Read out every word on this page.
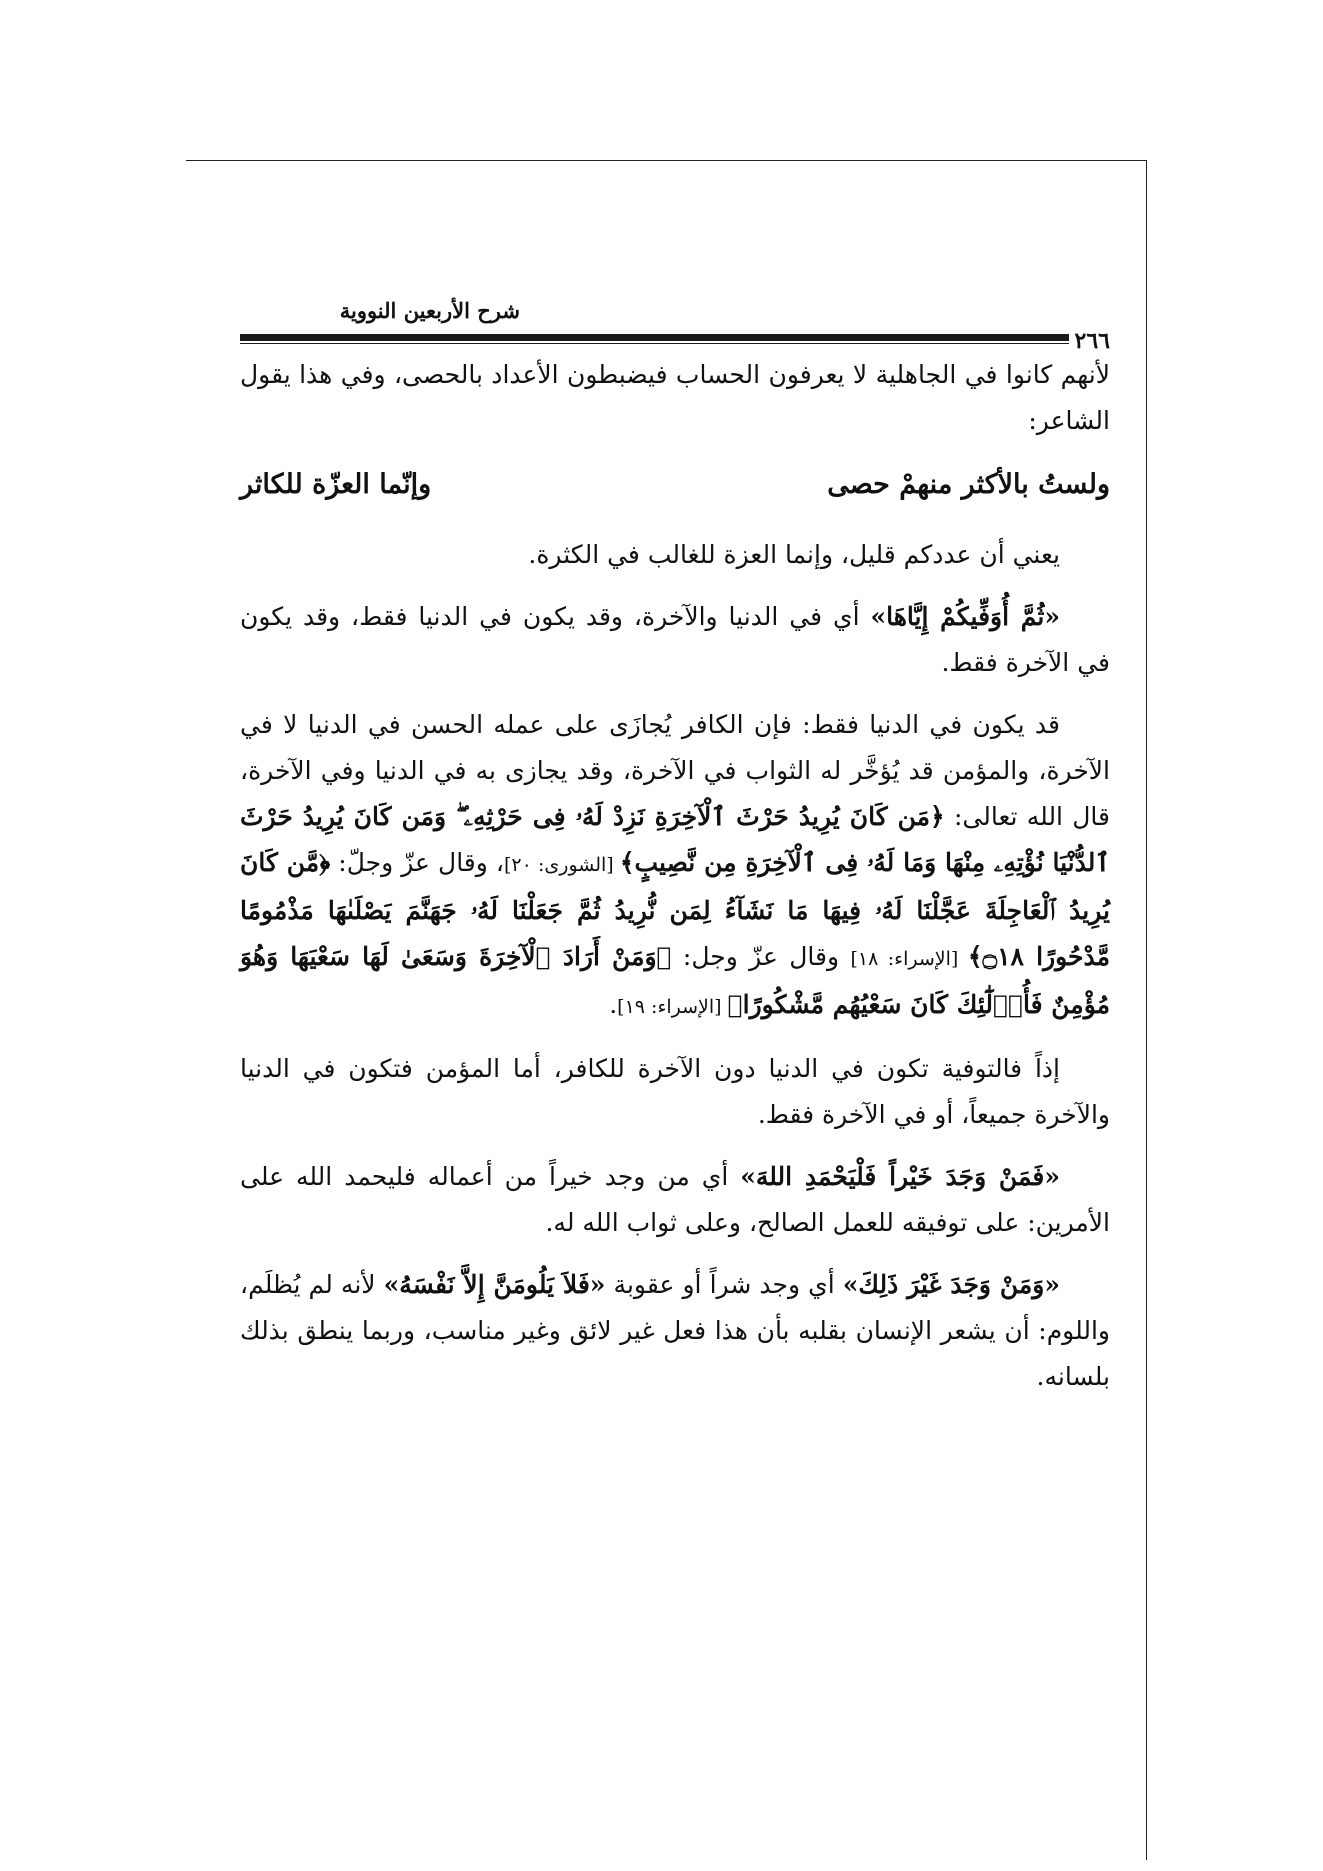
شرح الأربعين النووية
٢٦٦

لأنهم كانوا في الجاهلية لا يعرفون الحساب فيضبطون الأعداد بالحصى، وفي هذا يقول الشاعر:

ولستُ بالأكثر منهمْ حصى
وإنّما العزّة للكاثر

يعني أن عددكم قليل، وإنما العزة للغالب في الكثرة.

«ثُمَّ أُوَفِّيكُمْ إِيَّاهَا» أي في الدنيا والآخرة، وقد يكون في الدنيا فقط، وقد يكون في الآخرة فقط.

قد يكون في الدنيا فقط: فإن الكافر يُجازَى على عمله الحسن في الدنيا لا في الآخرة، والمؤمن قد يُؤخَّر له الثواب في الآخرة، وقد يجازى به في الدنيا وفي الآخرة، قال الله تعالى: ﴿مَن كَانَ يُرِيدُ حَرْثَ ٱلْآخِرَةِ نَزِدْ لَهُۥ فِى حَرْثِهِۦ ۖ وَمَن كَانَ يُرِيدُ حَرْثَ ٱلدُّنْيَا نُؤْتِهِۦ مِنْهَا وَمَا لَهُۥ فِى ٱلْآخِرَةِ مِن نَّصِيبٍ﴾ [الشورى: ٢٠]، وقال عزّ وجلّ: ﴿مَّن كَانَ يُرِيدُ ٱلْعَاجِلَةَ عَجَّلْنَا لَهُۥ فِيهَا مَا نَشَآءُ لِمَن نُّرِيدُ ثُمَّ جَعَلْنَا لَهُۥ جَهَنَّمَ يَصْلَىٰهَا مَذْمُومًا مَّدْحُورًا ۝١٨﴾ [الإسراء: ١٨] وقال عزّ وجل: ﴿وَمَنْ أَرَادَ ٱلْآخِرَةَ وَسَعَىٰ لَهَا سَعْيَهَا وَهُوَ مُؤْمِنٌ فَأُو۟لَٰٓئِكَ كَانَ سَعْيُهُم مَّشْكُورًا﴾ [الإسراء: ١٩].

إذاً فالتوفية تكون في الدنيا دون الآخرة للكافر، أما المؤمن فتكون في الدنيا والآخرة جميعاً، أو في الآخرة فقط.

«فَمَنْ وَجَدَ خَيْراً فَلْيَحْمَدِ اللهَ» أي من وجد خيراً من أعماله فليحمد الله على الأمرين: على توفيقه للعمل الصالح، وعلى ثواب الله له.

«وَمَنْ وَجَدَ غَيْرَ ذَلِكَ» أي وجد شراً أو عقوبة «فَلاَ يَلُومَنَّ إِلاَّ نَفْسَهُ» لأنه لم يُظلَم، واللوم: أن يشعر الإنسان بقلبه بأن هذا فعل غير لائق وغير مناسب، وربما ينطق بذلك بلسانه.
